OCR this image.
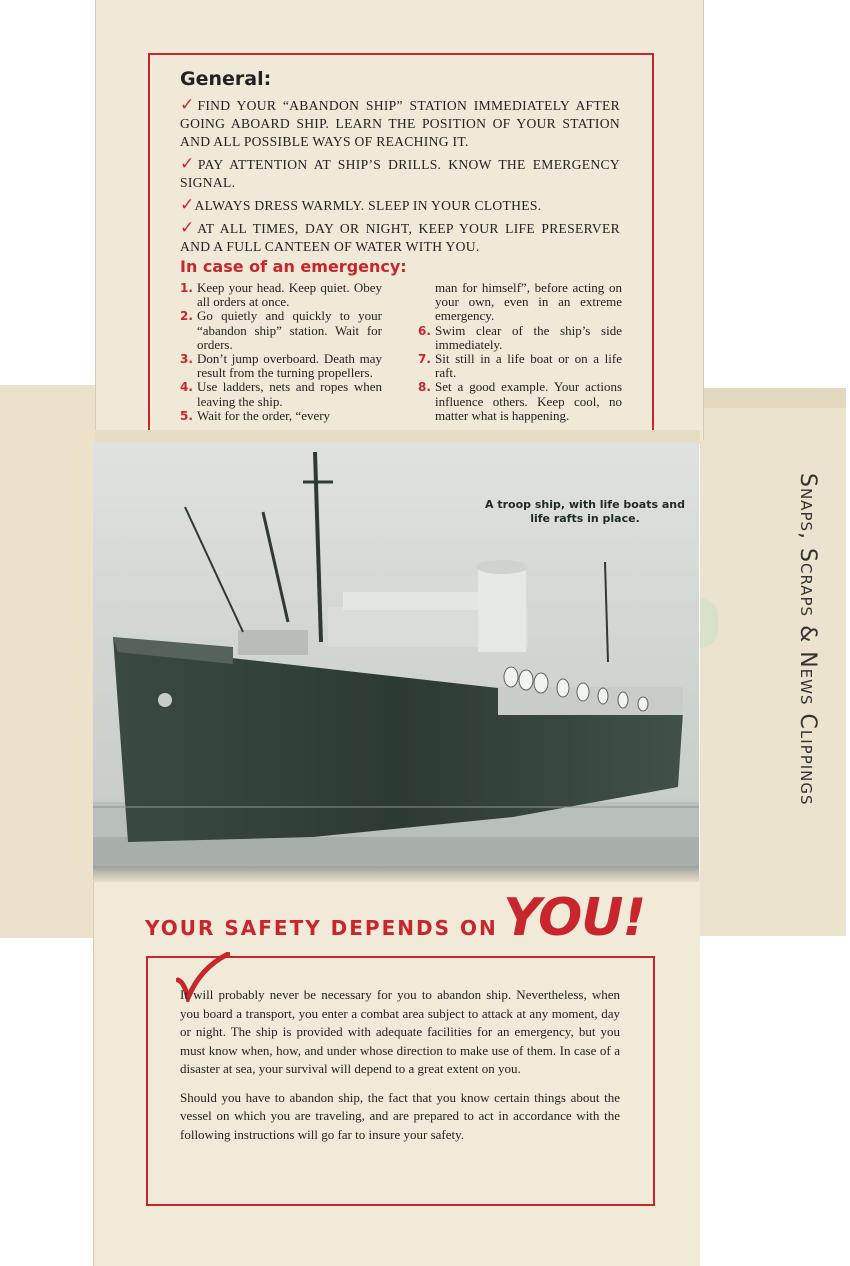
Snaps, Scraps & News Clippings
General:

✓FIND YOUR “ABANDON SHIP” STATION IMMEDIATELY AFTER GOING ABOARD SHIP. LEARN THE POSITION OF YOUR STATION AND ALL POSSIBLE WAYS OF REACHING IT.

✓PAY ATTENTION AT SHIP’S DRILLS. KNOW THE EMERGENCY SIGNAL.

✓ALWAYS DRESS WARMLY. SLEEP IN YOUR CLOTHES.

✓AT ALL TIMES, DAY OR NIGHT, KEEP YOUR LIFE PRESERVER AND A FULL CANTEEN OF WATER WITH YOU.

In case of an emergency:
1. Keep your head. Keep quiet. Obey all orders at once.
2. Go quietly and quickly to your “abandon ship” station. Wait for orders.
3. Don’t jump overboard. Death may result from the turning propellers.
4. Use ladders, nets and ropes when leaving the ship.
5. Wait for the order, “every
man for himself”, before acting on your own, even in an extreme emergency.
6. Swim clear of the ship’s side immediately.
7. Sit still in a life boat or on a life raft.
8. Set a good example. Your actions influence others. Keep cool, no matter what is happening.
A troop ship, with life boats and
life rafts in place.
YOUR SAFETY DEPENDS ON YOU!

It will probably never be necessary for you to abandon ship. Nevertheless, when you board a transport, you enter a combat area subject to attack at any moment, day or night. The ship is provided with adequate facilities for an emergency, but you must know when, how, and under whose direction to make use of them. In case of a disaster at sea, your survival will depend to a great extent on you.

Should you have to abandon ship, the fact that you know certain things about the vessel on which you are traveling, and are prepared to act in accordance with the following instructions will go far to insure your safety.
